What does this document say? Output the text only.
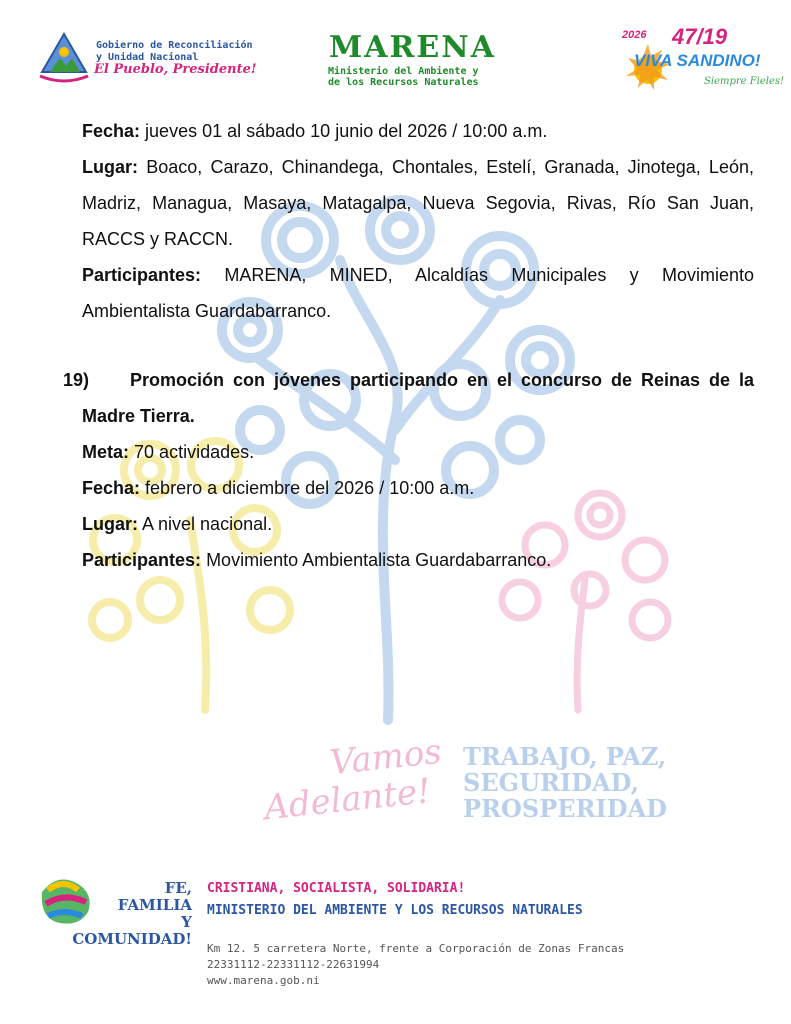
Gobierno de Reconciliación
y Unidad Nacional
El Pueblo, Presidente!
MARENA
Ministerio del Ambiente y
de los Recursos Naturales
2026 47/19
VIVA SANDINO!
Siempre Fieles!

Fecha: jueves 01 al sábado 10 junio del 2026 / 10:00 a.m.

Lugar: Boaco, Carazo, Chinandega, Chontales, Estelí, Granada, Jinotega, León, Madriz, Managua, Masaya, Matagalpa, Nueva Segovia, Rivas, Río San Juan, RACCS y RACCN.

Participantes: MARENA, MINED, Alcaldías Municipales y Movimiento Ambientalista Guardabarranco.

19)	Promoción con jóvenes participando en el concurso de Reinas de la Madre Tierra.

Meta: 70 actividades.

Fecha: febrero a diciembre del 2026 / 10:00 a.m.

Lugar: A nivel nacional.

Participantes: Movimiento Ambientalista Guardabarranco.

Vamos
Adelante!
TRABAJO, PAZ,
SEGURIDAD,
PROSPERIDAD
FE,
FAMILIA
Y COMUNIDAD!
CRISTIANA, SOCIALISTA, SOLIDARIA!
MINISTERIO DEL AMBIENTE Y LOS RECURSOS NATURALES
Km 12. 5 carretera Norte, frente a Corporación de Zonas Francas 22331112-22331112-22631994
www.marena.gob.ni
